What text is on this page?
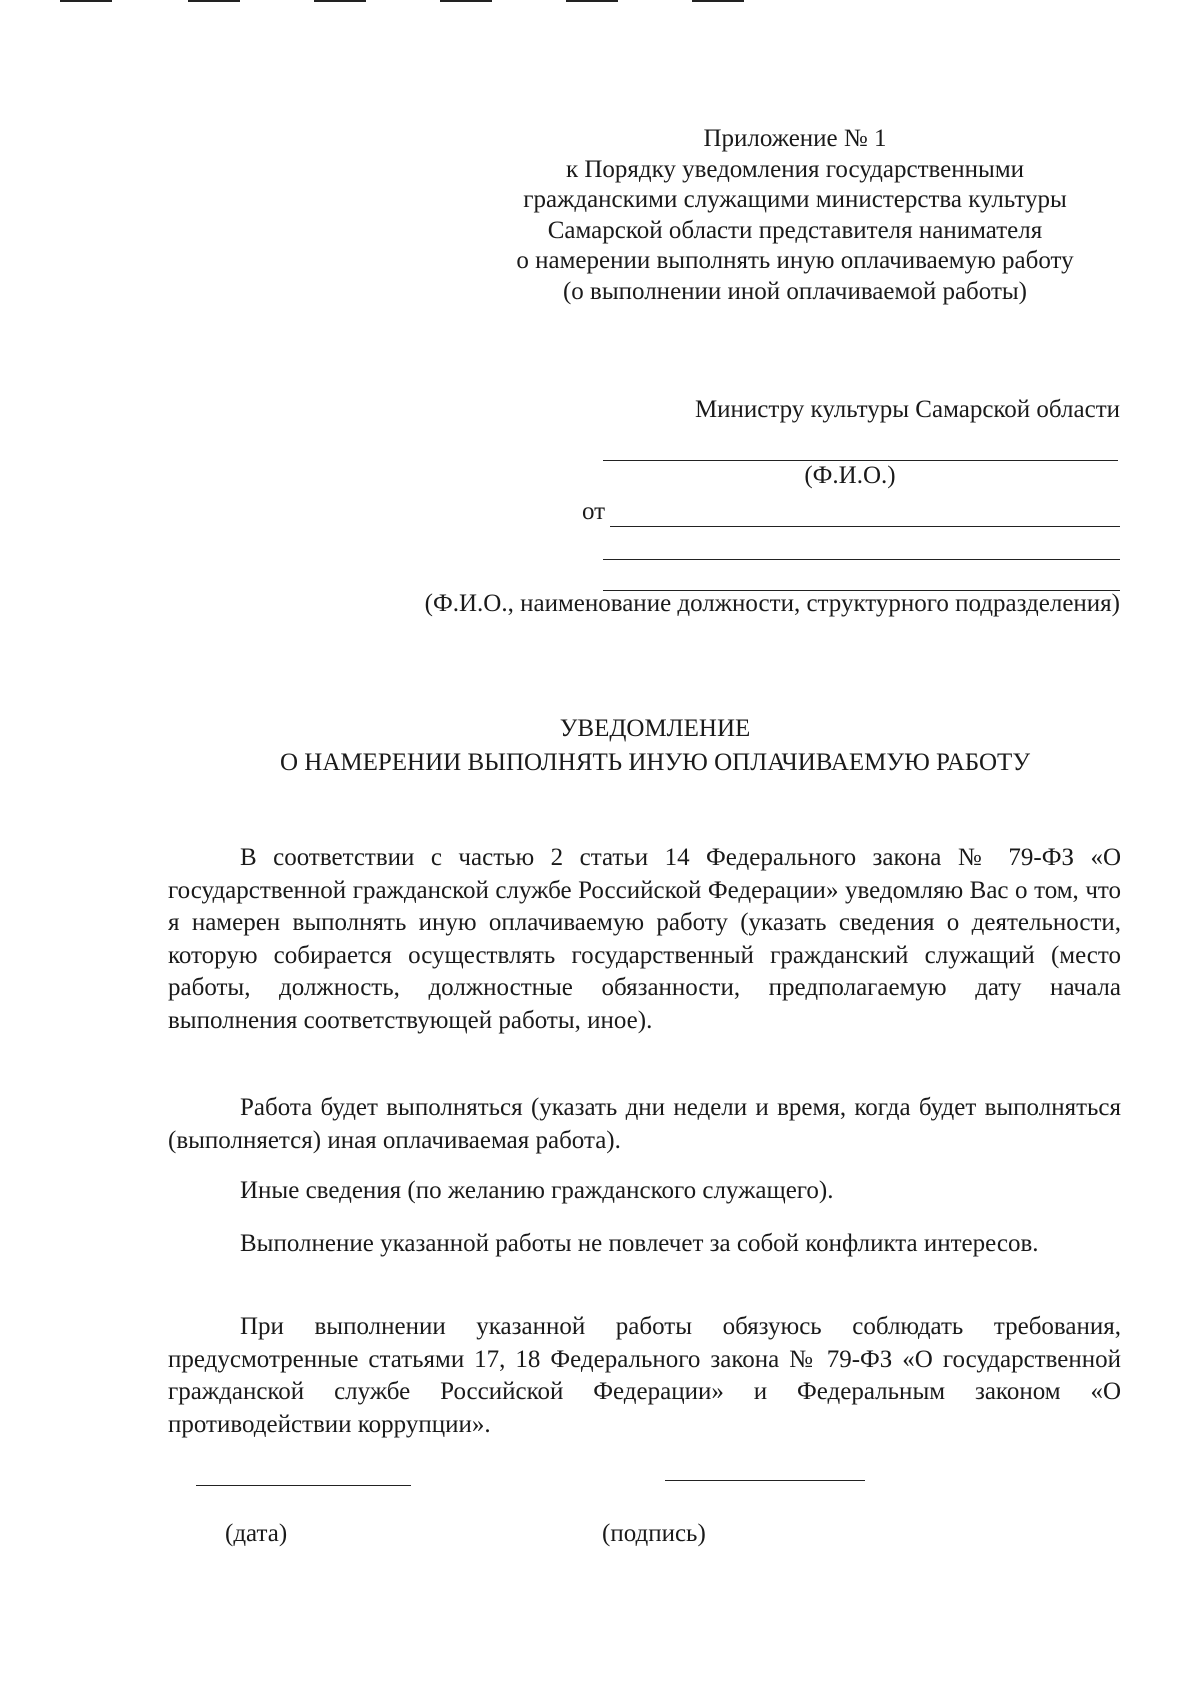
Приложение № 1
к Порядку уведомления государственными
гражданскими служащими министерства культуры
Самарской области представителя нанимателя
о намерении выполнять иную оплачиваемую работу
(о выполнении иной оплачиваемой работы)
Министру культуры Самарской области
(Ф.И.О.)
от
(Ф.И.О., наименование должности, структурного подразделения)
УВЕДОМЛЕНИЕ
О НАМЕРЕНИИ ВЫПОЛНЯТЬ ИНУЮ ОПЛАЧИВАЕМУЮ РАБОТУ
В соответствии с частью 2 статьи 14 Федерального закона № 79-ФЗ «О государственной гражданской службе Российской Федерации» уведомляю Вас о том, что я намерен выполнять иную оплачиваемую работу (указать сведения о деятельности, которую собирается осуществлять государственный гражданский служащий (место работы, должность, должностные обязанности, предполагаемую дату начала выполнения соответствующей работы, иное).
Работа будет выполняться (указать дни недели и время, когда будет выполняться (выполняется) иная оплачиваемая работа).
Иные сведения (по желанию гражданского служащего).
Выполнение указанной работы не повлечет за собой конфликта интересов.
При выполнении указанной работы обязуюсь соблюдать требования, предусмотренные статьями 17, 18 Федерального закона № 79-ФЗ «О государственной гражданской службе Российской Федерации» и Федеральным законом «О противодействии коррупции».
(дата)	(подпись)
